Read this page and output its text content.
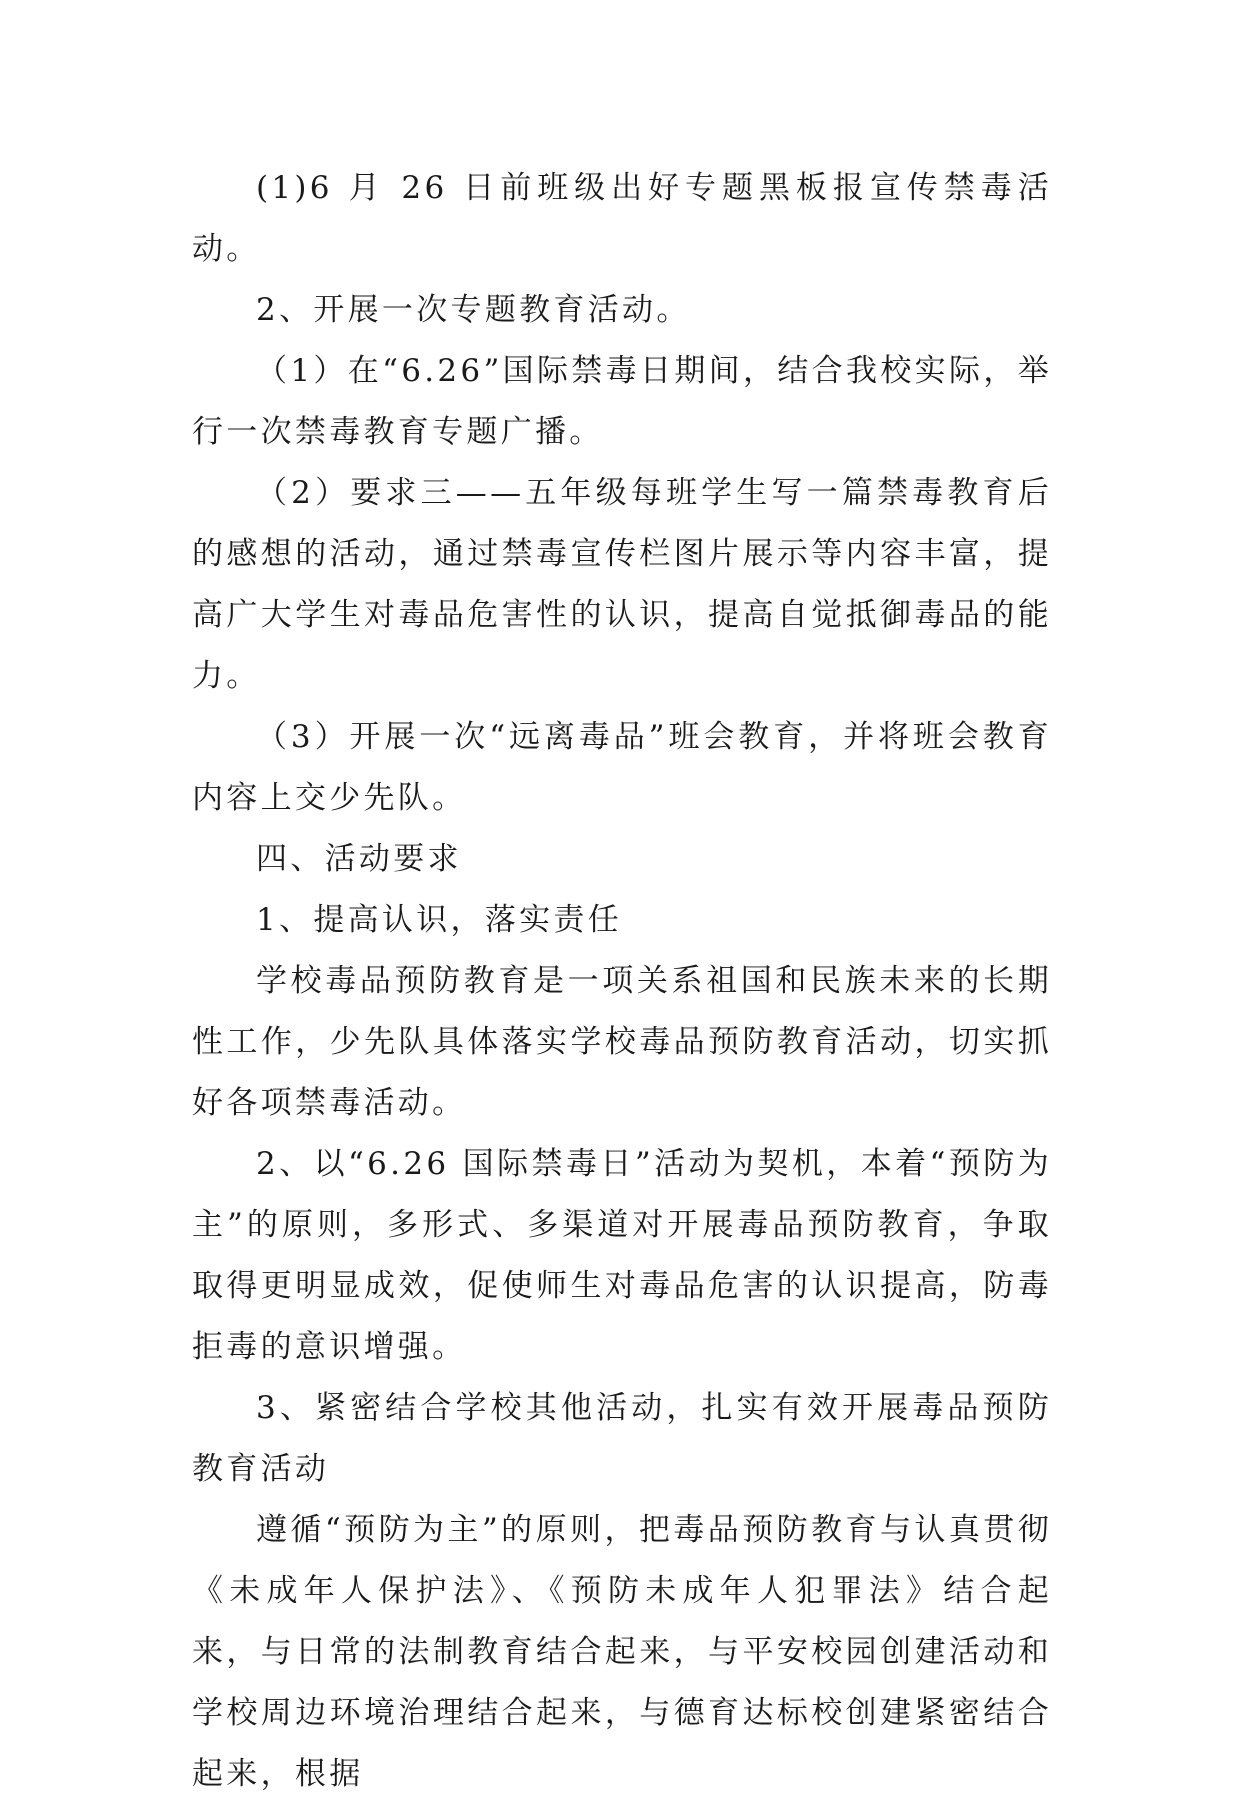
(1)6 月 26 日前班级出好专题黑板报宣传禁毒活动。

2、开展一次专题教育活动。

（1）在“6.26”国际禁毒日期间，结合我校实际，举行一次禁毒教育专题广播。

（2）要求三——五年级每班学生写一篇禁毒教育后的感想的活动，通过禁毒宣传栏图片展示等内容丰富，提高广大学生对毒品危害性的认识，提高自觉抵御毒品的能力。

（3）开展一次“远离毒品”班会教育，并将班会教育内容上交少先队。

四、活动要求

1、提高认识，落实责任

学校毒品预防教育是一项关系祖国和民族未来的长期性工作，少先队具体落实学校毒品预防教育活动，切实抓好各项禁毒活动。

2、以“6.26 国际禁毒日”活动为契机，本着“预防为主”的原则，多形式、多渠道对开展毒品预防教育，争取取得更明显成效，促使师生对毒品危害的认识提高，防毒拒毒的意识增强。

3、紧密结合学校其他活动，扎实有效开展毒品预防教育活动

遵循“预防为主”的原则，把毒品预防教育与认真贯彻《未成年人保护法》、《预防未成年人犯罪法》结合起来，与日常的法制教育结合起来，与平安校园创建活动和学校周边环境治理结合起来，与德育达标校创建紧密结合起来，根据
